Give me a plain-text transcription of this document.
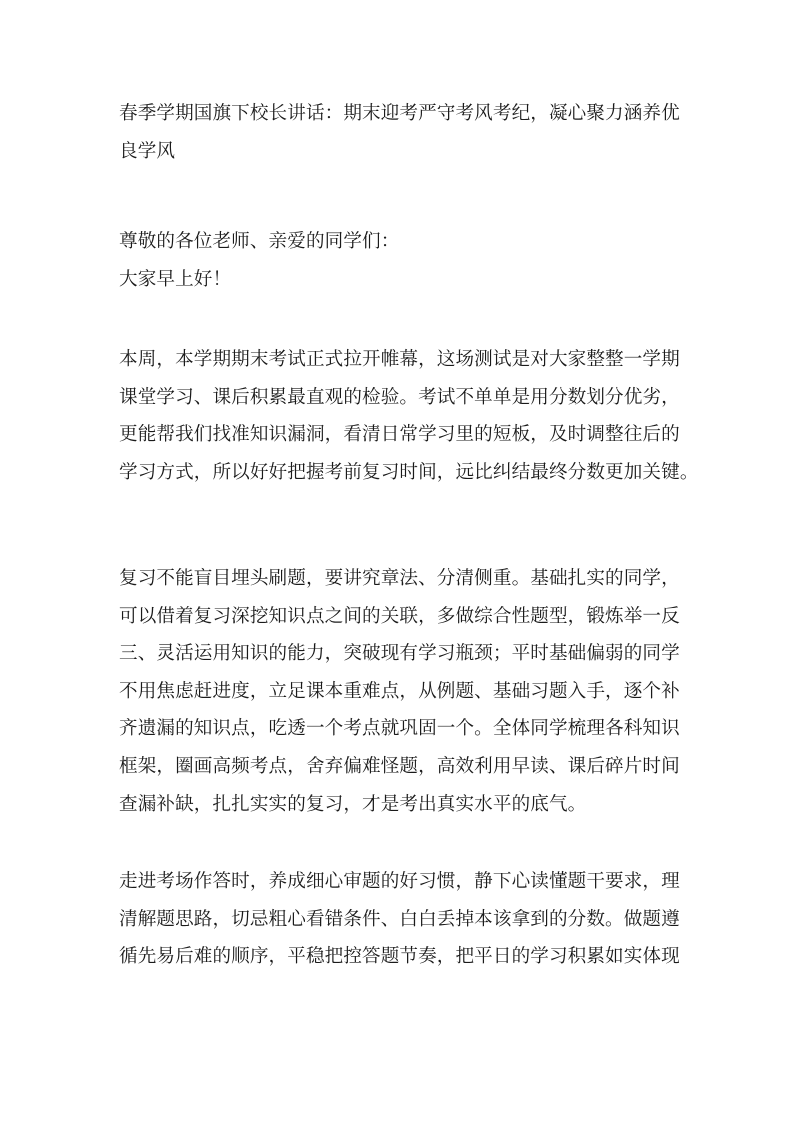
春季学期国旗下校长讲话：期末迎考严守考风考纪，凝心聚力涵养优
良学风
尊敬的各位老师、亲爱的同学们：
大家早上好！
本周，本学期期末考试正式拉开帷幕，这场测试是对大家整整一学期
课堂学习、课后积累最直观的检验。考试不单单是用分数划分优劣，
更能帮我们找准知识漏洞，看清日常学习里的短板，及时调整往后的
学习方式，所以好好把握考前复习时间，远比纠结最终分数更加关键。
复习不能盲目埋头刷题，要讲究章法、分清侧重。基础扎实的同学，
可以借着复习深挖知识点之间的关联，多做综合性题型，锻炼举一反
三、灵活运用知识的能力，突破现有学习瓶颈；平时基础偏弱的同学
不用焦虑赶进度，立足课本重难点，从例题、基础习题入手，逐个补
齐遗漏的知识点，吃透一个考点就巩固一个。全体同学梳理各科知识
框架，圈画高频考点，舍弃偏难怪题，高效利用早读、课后碎片时间
查漏补缺，扎扎实实的复习，才是考出真实水平的底气。
走进考场作答时，养成细心审题的好习惯，静下心读懂题干要求，理
清解题思路，切忌粗心看错条件、白白丢掉本该拿到的分数。做题遵
循先易后难的顺序，平稳把控答题节奏，把平日的学习积累如实体现
